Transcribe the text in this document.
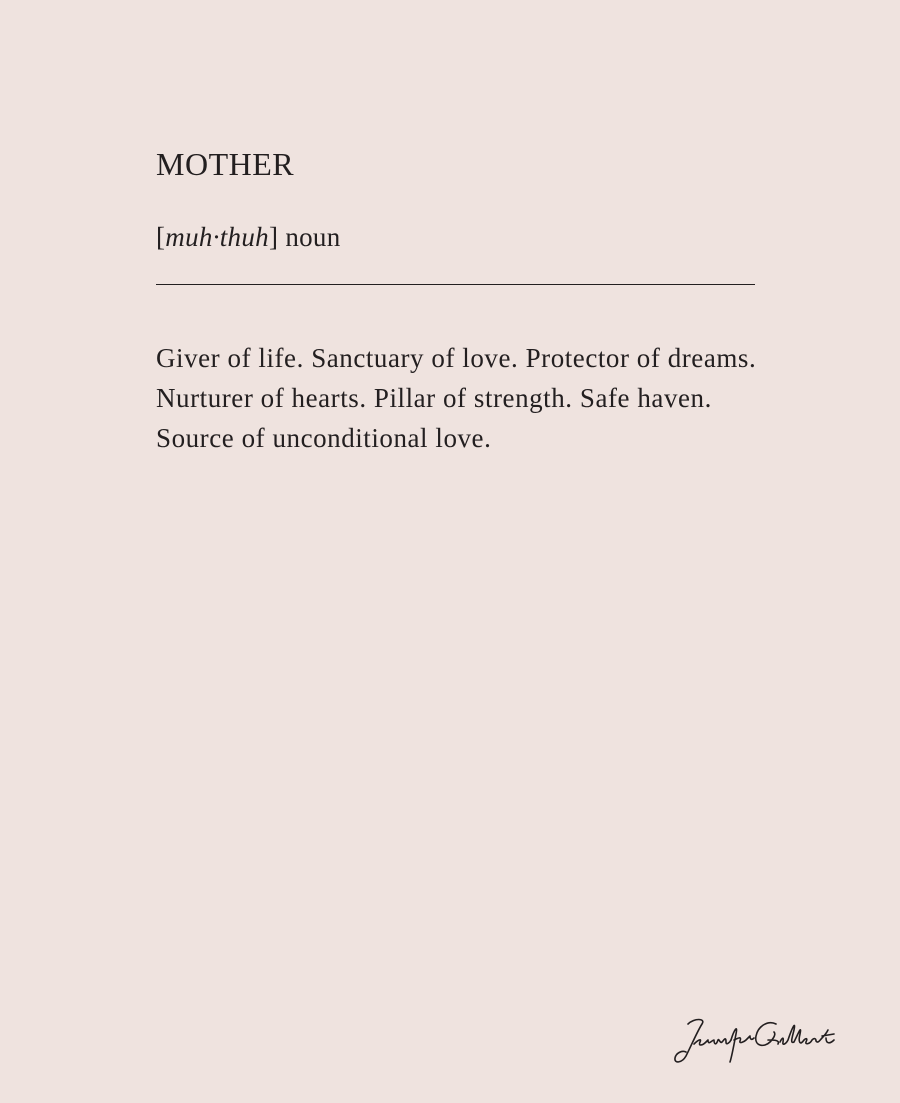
MOTHER
[muh·thuh] noun

Giver of life. Sanctuary of love. Protector of dreams. Nurturer of hearts. Pillar of strength. Safe haven. Source of unconditional love.
